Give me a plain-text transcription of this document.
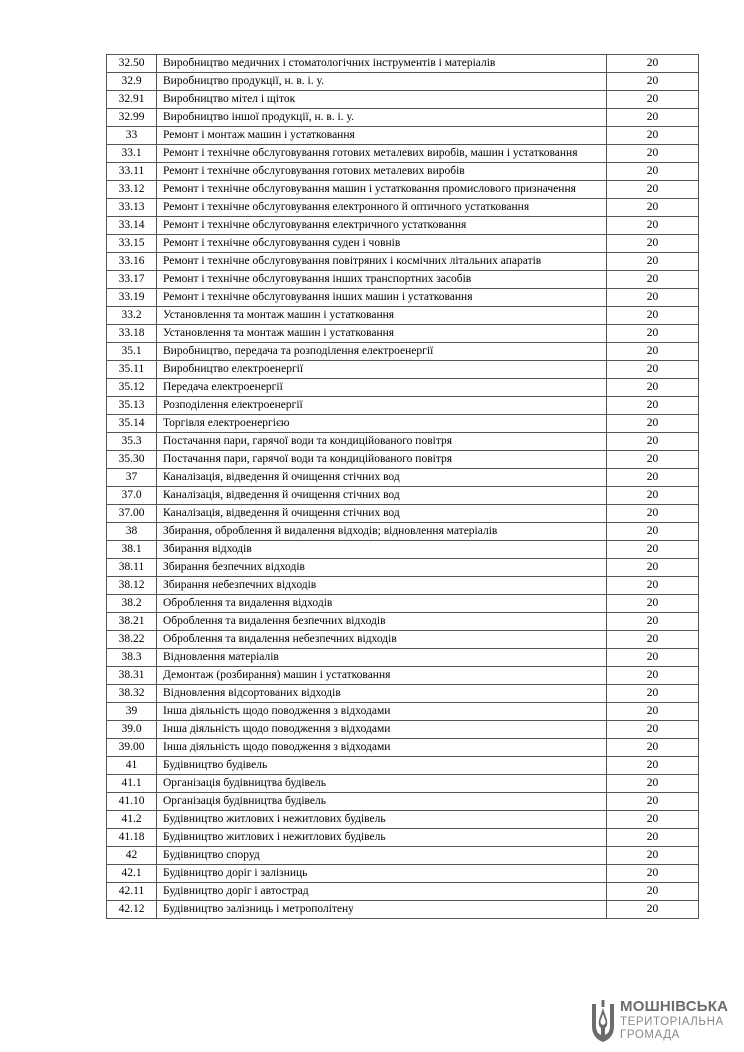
32.50	Виробництво медичних і стоматологічних інструментів і матеріалів	20
32.9	Виробництво продукції, н. в. і. у.	20
32.91	Виробництво мітел і щіток	20
32.99	Виробництво іншої продукції, н. в. і. у.	20
33	Ремонт і монтаж машин і устатковання	20
33.1	Ремонт і технічне обслуговування готових металевих виробів, машин і устатковання	20
33.11	Ремонт і технічне обслуговування готових металевих виробів	20
33.12	Ремонт і технічне обслуговування машин і устатковання промислового призначення	20
33.13	Ремонт і технічне обслуговування електронного й оптичного устатковання	20
33.14	Ремонт і технічне обслуговування електричного устатковання	20
33.15	Ремонт і технічне обслуговування суден і човнів	20
33.16	Ремонт і технічне обслуговування повітряних і космічних літальних апаратів	20
33.17	Ремонт і технічне обслуговування інших транспортних засобів	20
33.19	Ремонт і технічне обслуговування інших машин і устатковання	20
33.2	Установлення та монтаж машин і устатковання	20
33.18	Установлення та монтаж машин і устатковання	20
35.1	Виробництво, передача та розподілення електроенергії	20
35.11	Виробництво електроенергії	20
35.12	Передача електроенергії	20
35.13	Розподілення електроенергії	20
35.14	Торгівля електроенергією	20
35.3	Постачання пари, гарячої води та кондиційованого повітря	20
35.30	Постачання пари, гарячої води та кондиційованого повітря	20
37	Каналізація, відведення й очищення стічних вод	20
37.0	Каналізація, відведення й очищення стічних вод	20
37.00	Каналізація, відведення й очищення стічних вод	20
38	Збирання, оброблення й видалення відходів; відновлення матеріалів	20
38.1	Збирання відходів	20
38.11	Збирання безпечних відходів	20
38.12	Збирання небезпечних відходів	20
38.2	Оброблення та видалення відходів	20
38.21	Оброблення та видалення безпечних відходів	20
38.22	Оброблення та видалення небезпечних відходів	20
38.3	Відновлення матеріалів	20
38.31	Демонтаж (розбирання) машин і устатковання	20
38.32	Відновлення відсортованих відходів	20
39	Інша діяльність щодо поводження з відходами	20
39.0	Інша діяльність щодо поводження з відходами	20
39.00	Інша діяльність щодо поводження з відходами	20
41	Будівництво будівель	20
41.1	Організація будівництва будівель	20
41.10	Організація будівництва будівель	20
41.2	Будівництво житлових і нежитлових будівель	20
41.18	Будівництво житлових і нежитлових будівель	20
42	Будівництво споруд	20
42.1	Будівництво доріг і залізниць	20
42.11	Будівництво доріг і автострад	20
42.12	Будівництво залізниць і метрополітену	20
МОШНІВСЬКА
ТЕРИТОРІАЛЬНА
ГРОМАДА
